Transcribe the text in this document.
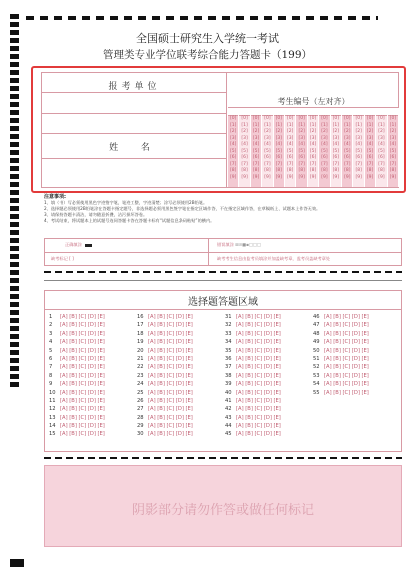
全国硕士研究生入学统一考试
管理类专业学位联考综合能力答题卡（199）
报考单位
姓 名
考生编号（左对齐）
[0]
[1]
[2]
[3]
[4]
[5]
[6]
[7]
[8]
[9]
[0]
[1]
[2]
[3]
[4]
[5]
[6]
[7]
[8]
[9]
[0]
[1]
[2]
[3]
[4]
[5]
[6]
[7]
[8]
[9]
[0]
[1]
[2]
[3]
[4]
[5]
[6]
[7]
[8]
[9]
[0]
[1]
[2]
[3]
[4]
[5]
[6]
[7]
[8]
[9]
[0]
[1]
[2]
[3]
[4]
[5]
[6]
[7]
[8]
[9]
[0]
[1]
[2]
[3]
[4]
[5]
[6]
[7]
[8]
[9]
[0]
[1]
[2]
[3]
[4]
[5]
[6]
[7]
[8]
[9]
[0]
[1]
[2]
[3]
[4]
[5]
[6]
[7]
[8]
[9]
[0]
[1]
[2]
[3]
[4]
[5]
[6]
[7]
[8]
[9]
[0]
[1]
[2]
[3]
[4]
[5]
[6]
[7]
[8]
[9]
[0]
[1]
[2]
[3]
[4]
[5]
[6]
[7]
[8]
[9]
[0]
[1]
[2]
[3]
[4]
[5]
[6]
[7]
[8]
[9]
[0]
[1]
[2]
[3]
[4]
[5]
[6]
[7]
[8]
[9]
[0]
[1]
[2]
[3]
[4]
[5]
[6]
[7]
[8]
[9]
注意事项:
1、填（书）写必须使用黑色字迹签字笔，笔迹工整，字迹清楚；涂写必须使用2B铅笔。
2、选择题必须使用2B铅笔涂在答题卡指定题号，非选择题必须用黑色签字笔在指定区域作答，不在指定区域作答，在草稿纸上、试题本上作答无效。
3、请保持答题卡清洁，请勿随意折叠，沾污损坏答卷。
4、考试结束，将试题本上的试题号连同答题卡答在答题卡标有“试题信息条码粘贴”的横内。
正确填涂	错误填涂 ⊠⊘■▪□□□
缺考标记 [ ]	缺考考生信息由监考员填涂并加盖缺考章，监考员盖缺考章处
选择题答题区域
1 [A] [B] [C] [D] [E]
2 [A] [B] [C] [D] [E]
3 [A] [B] [C] [D] [E]
4 [A] [B] [C] [D] [E]
5 [A] [B] [C] [D] [E]
6 [A] [B] [C] [D] [E]
7 [A] [B] [C] [D] [E]
8 [A] [B] [C] [D] [E]
9 [A] [B] [C] [D] [E]
10 [A] [B] [C] [D] [E]
11 [A] [B] [C] [D] [E]
12 [A] [B] [C] [D] [E]
13 [A] [B] [C] [D] [E]
14 [A] [B] [C] [D] [E]
15 [A] [B] [C] [D] [E]
16 [A] [B] [C] [D] [E]
17 [A] [B] [C] [D] [E]
18 [A] [B] [C] [D] [E]
19 [A] [B] [C] [D] [E]
20 [A] [B] [C] [D] [E]
21 [A] [B] [C] [D] [E]
22 [A] [B] [C] [D] [E]
23 [A] [B] [C] [D] [E]
24 [A] [B] [C] [D] [E]
25 [A] [B] [C] [D] [E]
26 [A] [B] [C] [D] [E]
27 [A] [B] [C] [D] [E]
28 [A] [B] [C] [D] [E]
29 [A] [B] [C] [D] [E]
30 [A] [B] [C] [D] [E]
31 [A] [B] [C] [D] [E]
32 [A] [B] [C] [D] [E]
33 [A] [B] [C] [D] [E]
34 [A] [B] [C] [D] [E]
35 [A] [B] [C] [D] [E]
36 [A] [B] [C] [D] [E]
37 [A] [B] [C] [D] [E]
38 [A] [B] [C] [D] [E]
39 [A] [B] [C] [D] [E]
40 [A] [B] [C] [D] [E]
41 [A] [B] [C] [D] [E]
42 [A] [B] [C] [D] [E]
43 [A] [B] [C] [D] [E]
44 [A] [B] [C] [D] [E]
45 [A] [B] [C] [D] [E]
46 [A] [B] [C] [D] [E]
47 [A] [B] [C] [D] [E]
48 [A] [B] [C] [D] [E]
49 [A] [B] [C] [D] [E]
50 [A] [B] [C] [D] [E]
51 [A] [B] [C] [D] [E]
52 [A] [B] [C] [D] [E]
53 [A] [B] [C] [D] [E]
54 [A] [B] [C] [D] [E]
55 [A] [B] [C] [D] [E]
阴影部分请勿作答或做任何标记
